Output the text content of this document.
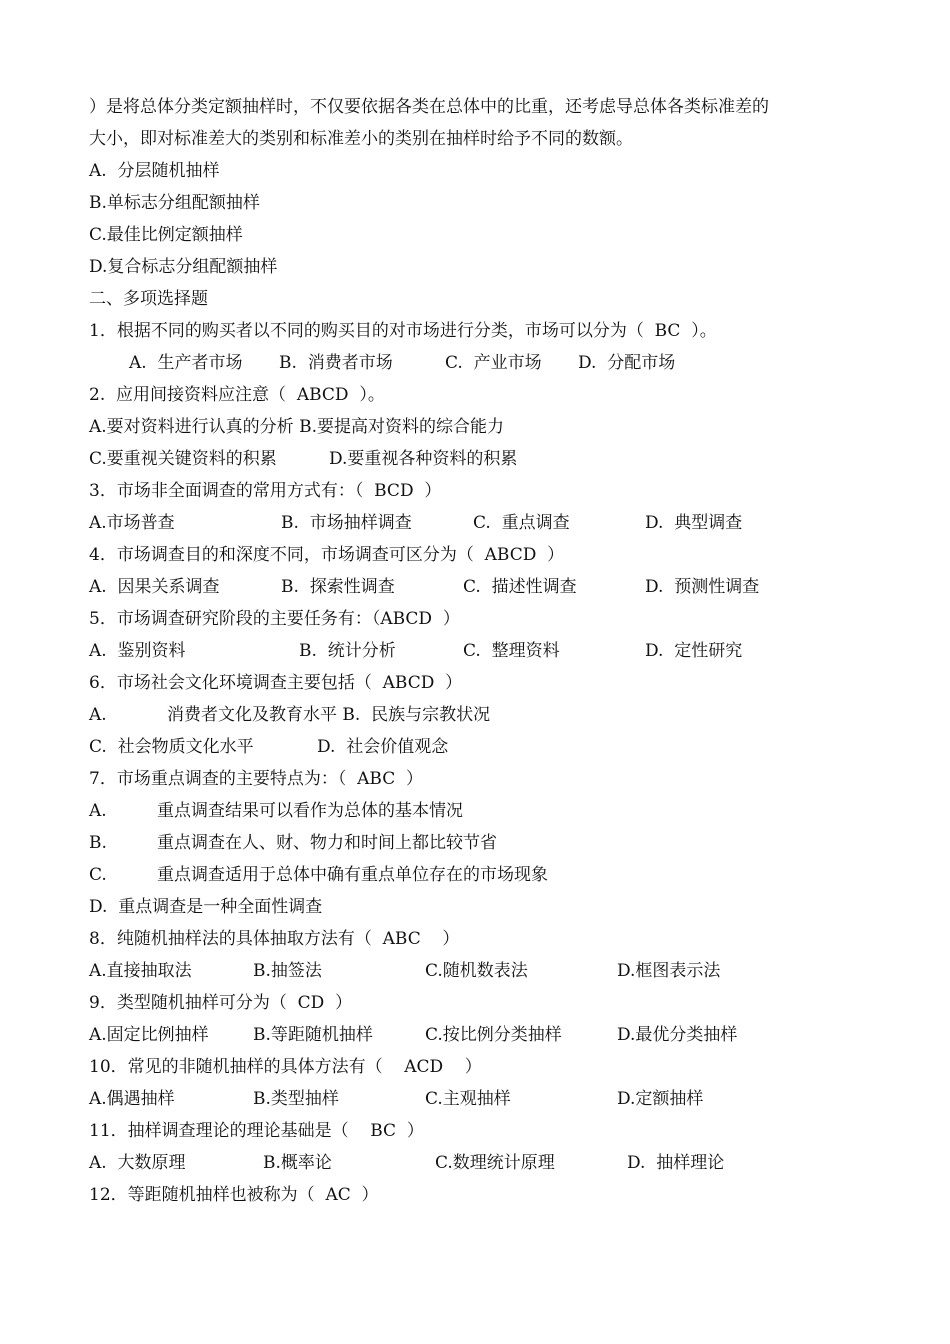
）是将总体分类定额抽样时，不仅要依据各类在总体中的比重，还考虑导总体各类标准差的
大小，即对标准差大的类别和标准差小的类别在抽样时给予不同的数额。
A.  分层随机抽样
B.单标志分组配额抽样
C.最佳比例定额抽样
D.复合标志分组配额抽样
二、多项选择题
1．根据不同的购买者以不同的购买目的对市场进行分类，市场可以分为（  BC  ）。

A.  生产者市场

B.  消费者市场

	C.  产业市场

D.  分配市场

2.  应用间接资料应注意（  ABCD  ）。
A.要对资料进行认真的分析 B.要提高对资料的综合能力

C.要重视关键资料的积累

	D.要重视各种资料的积累

3．市场非全面调查的常用方式有：（  BCD  ）

A.市场普查

	B.  市场抽样调查

	C.  重点调查

	D.  典型调查

4．市场调查目的和深度不同，市场调查可区分为（  ABCD  ）

A.  因果关系调查

	B.  探索性调查

	C.  描述性调查

	D.  预测性调查

5．市场调查研究阶段的主要任务有：（ABCD  ）

A.  鉴别资料

	B.  统计分析

	C.  整理资料

	D.  定性研究

6．市场社会文化环境调查主要包括（  ABCD  ）

A.

	消费者文化及教育水平 B.  民族与宗教状况

C.  社会物质文化水平

	D.  社会价值观念

7．市场重点调查的主要特点为：（  ABC  ）

A.

	重点调查结果可以看作为总体的基本情况

B.

	重点调查在人、财、物力和时间上都比较节省

C.

	重点调查适用于总体中确有重点单位存在的市场现象

D.  重点调查是一种全面性调查
8．纯随机抽样法的具体抽取方法有（  ABC    ）

A.直接抽取法

	B.抽签法

	C.随机数表法

	D.框图表示法

9．类型随机抽样可分为（  CD  ）

A.固定比例抽样

	B.等距随机抽样

	C.按比例分类抽样

	D.最优分类抽样

10．常见的非随机抽样的具体方法有（    ACD    ）

A.偶遇抽样

	B.类型抽样

	C.主观抽样

	D.定额抽样

11．抽样调查理论的理论基础是（    BC  ）

A.  大数原理

	B.概率论

	C.数理统计原理

	D.  抽样理论

12．等距随机抽样也被称为（  AC  ）
